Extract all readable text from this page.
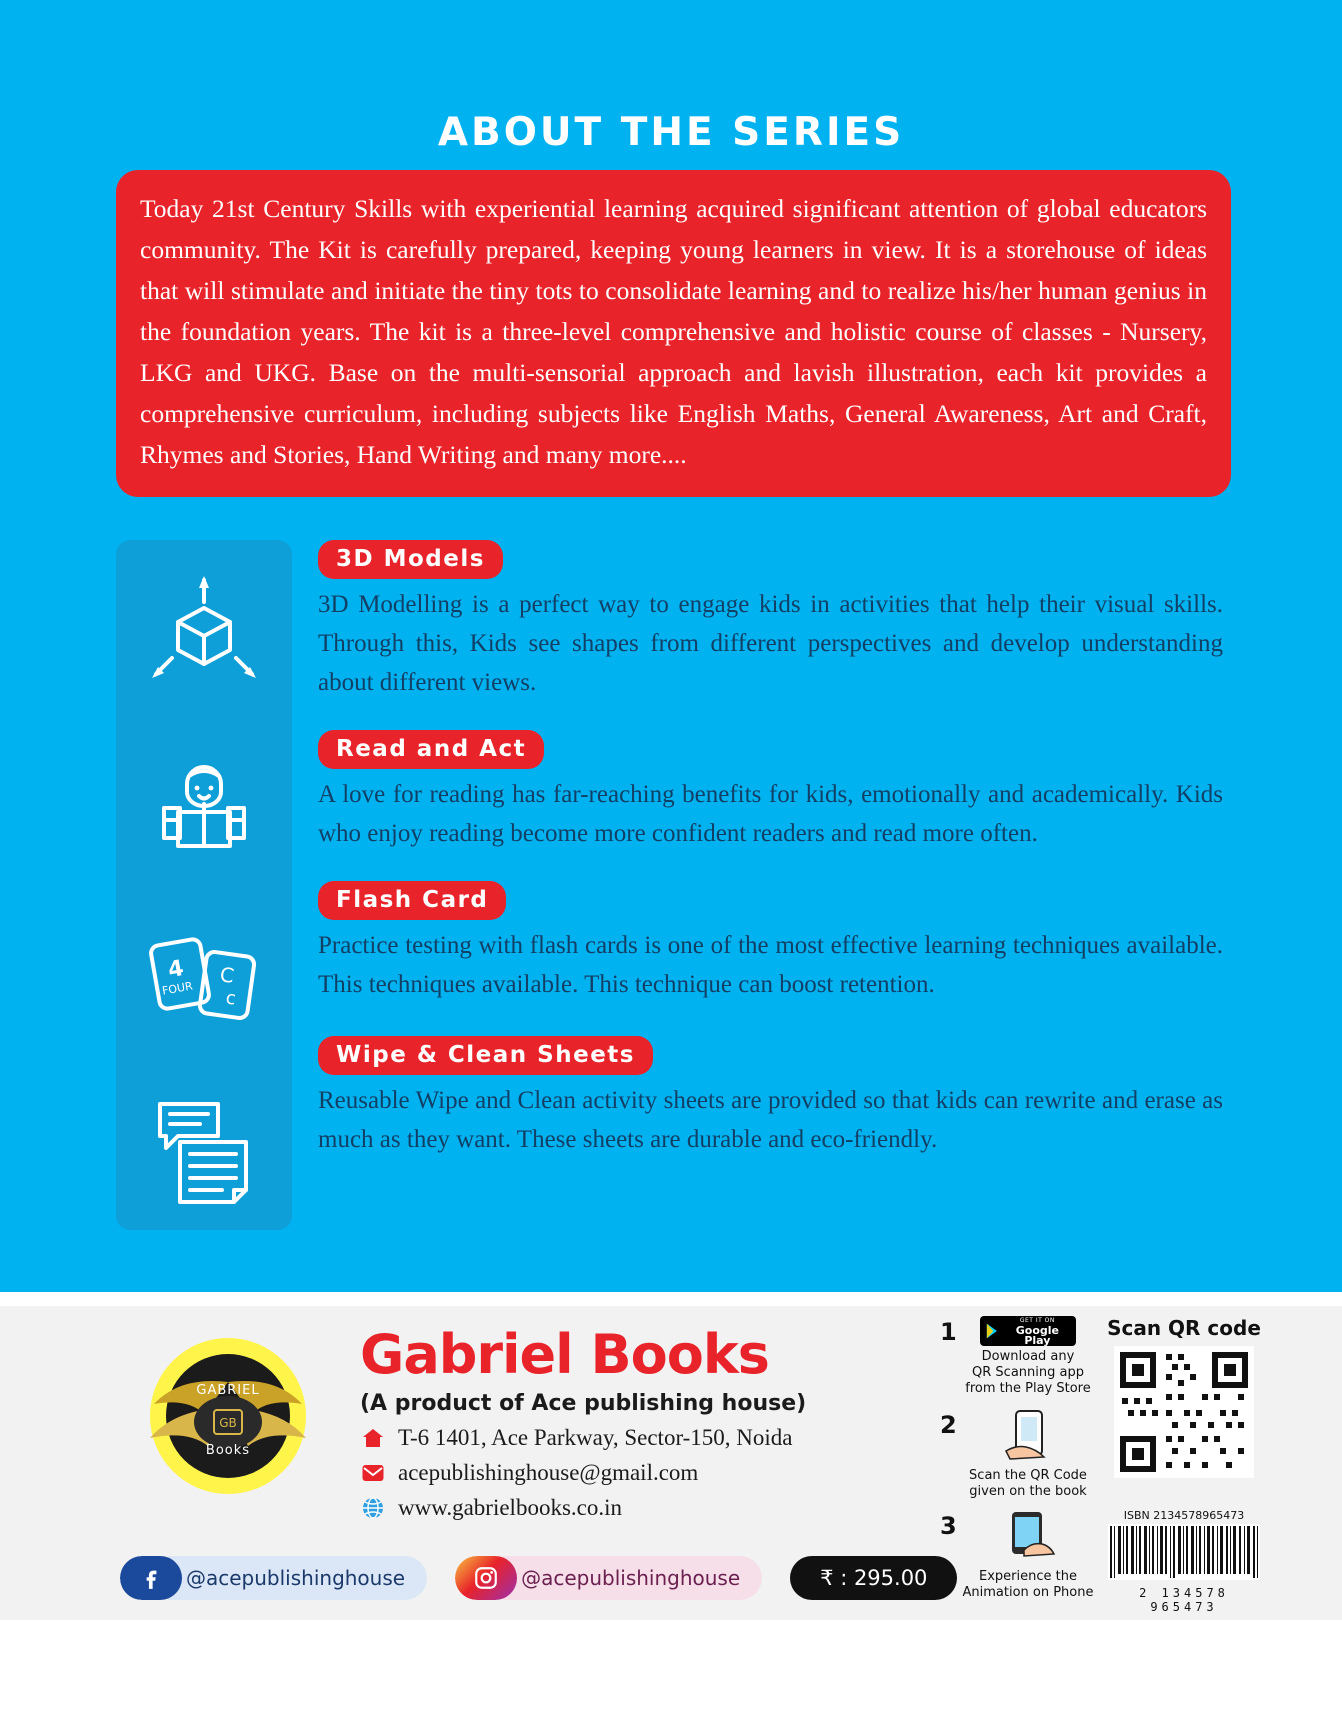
ABOUT THE SERIES
Today 21st Century Skills with experiential learning acquired significant attention of global educators community. The Kit is carefully prepared, keeping young learners in view. It is a storehouse of ideas that will stimulate and initiate the tiny tots to consolidate learning and to realize his/her human genius in the foundation years. The kit is a three-level comprehensive and holistic course of classes - Nursery, LKG and UKG. Base on the multi-sensorial approach and lavish illustration, each kit provides a comprehensive curriculum, including subjects like English Maths, General Awareness, Art and Craft, Rhymes and Stories, Hand Writing and many more....
4
FOUR
C
c
3D Models
3D Modelling is a perfect way to engage kids in activities that help their visual skills. Through this, Kids see shapes from different perspectives and develop understanding about different views.
Read and Act
A love for reading has far-reaching benefits for kids, emotionally and academically. Kids who enjoy reading become more confident readers and read more often.
Flash Card
Practice testing with flash cards is one of the most effective learning techniques available. This techniques available. This technique can boost retention.
Wipe & Clean Sheets
Reusable Wipe and Clean activity sheets are provided so that kids can rewrite and erase as much as they want. These sheets are durable and eco-friendly.
GABRIEL
GB
Books
Gabriel Books
(A product of Ace publishing house)
T-6 1401, Ace Parkway, Sector-150, Noida
acepublishinghouse@gmail.com
www.gabrielbooks.co.in
@acepublishinghouse	@acepublishinghouse	₹ : 295.00
1	GET IT ON
Google Play
Download any
QR Scanning app
from the Play Store
2
Scan the QR Code
given on the book
3
Experience the
Animation on Phone
Scan QR code
ISBN 2134578965473
2 134578 965473
